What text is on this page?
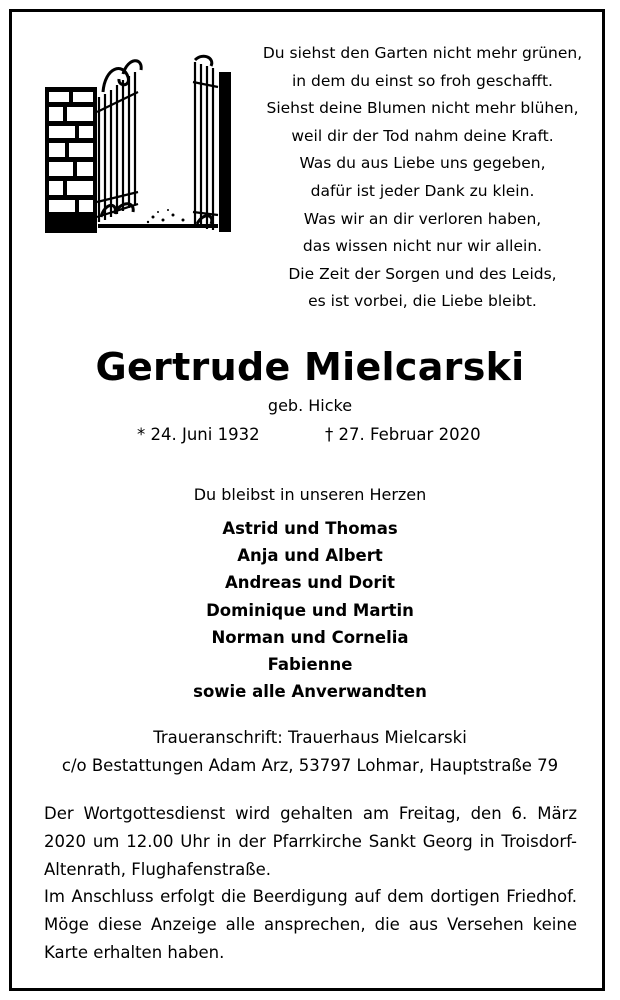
Du siehst den Garten nicht mehr grünen,
in dem du einst so froh geschafft.
Siehst deine Blumen nicht mehr blühen,
weil dir der Tod nahm deine Kraft.
Was du aus Liebe uns gegeben,
dafür ist jeder Dank zu klein.
Was wir an dir verloren haben,
das wissen nicht nur wir allein.
Die Zeit der Sorgen und des Leids,
es ist vorbei, die Liebe bleibt.
Gertrude Mielcarski
geb. Hicke
* 24. Juni 1932	† 27. Februar 2020
Du bleibst in unseren Herzen
Astrid und Thomas
Anja und Albert
Andreas und Dorit
Dominique und Martin
Norman und Cornelia
Fabienne
sowie alle Anverwandten
Traueranschrift: Trauerhaus Mielcarski
c/o Bestattungen Adam Arz, 53797 Lohmar, Hauptstraße 79
Der Wortgottesdienst wird gehalten am Freitag, den 6. März
2020 um 12.00 Uhr in der Pfarrkirche Sankt Georg in Troisdorf-
Altenrath, Flughafenstraße.
Im Anschluss erfolgt die Beerdigung auf dem dortigen Friedhof.
Möge diese Anzeige alle ansprechen, die aus Versehen keine
Karte erhalten haben.
